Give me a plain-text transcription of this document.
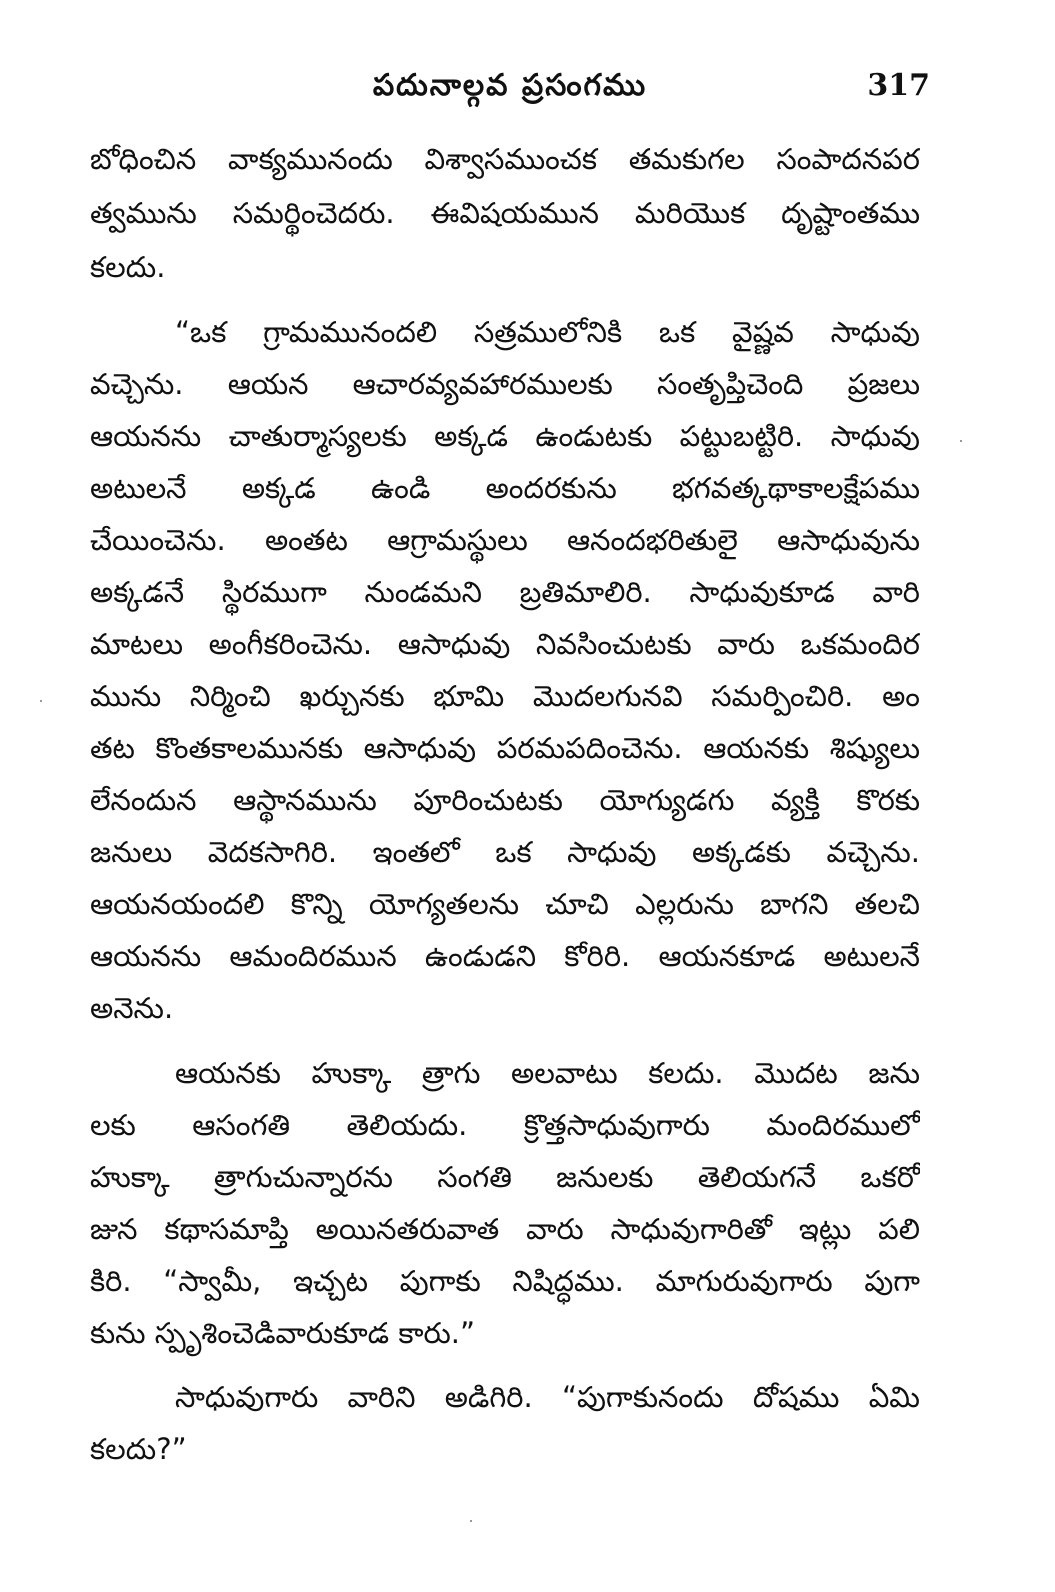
పదునాల్గవ ప్రసంగము	317
బోధించిన వాక్యమునందు విశ్వాసముంచక తమకుగల సంపాదనపర
త్వమును సమర్థించెదరు. ఈవిషయమున మరియొక దృష్టాంతము
కలదు.
“ఒక గ్రామమునందలి సత్రములోనికి ఒక వైష్ణవ సాధువు
వచ్చెను. ఆయన ఆచారవ్యవహారములకు సంతృప్తిచెంది ప్రజలు
ఆయనను చాతుర్మాస్యలకు అక్కడ ఉండుటకు పట్టుబట్టిరి. సాధువు
అటులనే అక్కడ ఉండి అందరకును భగవత్కథాకాలక్షేపము
చేయించెను. అంతట ఆగ్రామస్థులు ఆనందభరితులై ఆసాధువును
అక్కడనే స్థిరముగా నుండమని బ్రతిమాలిరి. సాధువుకూడ వారి
మాటలు అంగీకరించెను. ఆసాధువు నివసించుటకు వారు ఒకమందిర
మును నిర్మించి ఖర్చునకు భూమి మొదలగునవి సమర్పించిరి. అం
తట కొంతకాలమునకు ఆసాధువు పరమపదించెను. ఆయనకు శిష్యులు
లేనందున ఆస్థానమును పూరించుటకు యోగ్యుడగు వ్యక్తి కొరకు
జనులు వెదకసాగిరి. ఇంతలో ఒక సాధువు అక్కడకు వచ్చెను.
ఆయనయందలి కొన్ని యోగ్యతలను చూచి ఎల్లరును బాగని తలచి
ఆయనను ఆమందిరమున ఉండుడని కోరిరి. ఆయనకూడ అటులనే
అనెను.
ఆయనకు హుక్కా త్రాగు అలవాటు కలదు. మొదట జను
లకు ఆసంగతి తెలియదు. క్రొత్తసాధువుగారు మందిరములో
హుక్కా త్రాగుచున్నారను సంగతి జనులకు తెలియగనే ఒకరో
జున కథాసమాప్తి అయినతరువాత వారు సాధువుగారితో ఇట్లు పలి
కిరి. “స్వామీ, ఇచ్చట పుగాకు నిషిద్ధము. మాగురువుగారు పుగా
కును స్పృశించెడివారుకూడ కారు.”
సాధువుగారు వారిని అడిగిరి. “పుగాకునందు దోషము ఏమి
కలదు?”
